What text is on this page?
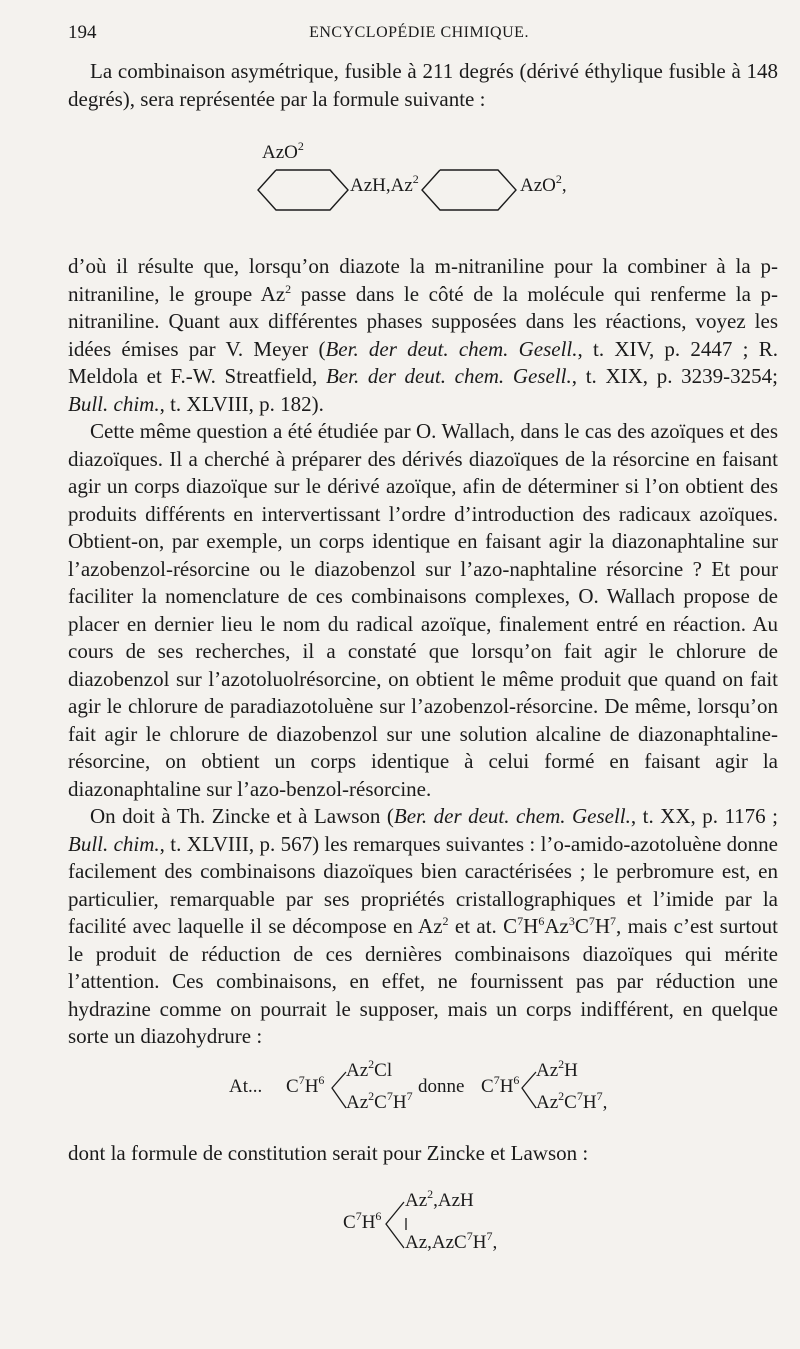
194	ENCYCLOPÉDIE CHIMIQUE.

La combinaison asymétrique, fusible à 211 degrés (dérivé éthylique fusible à 148 degrés), sera représentée par la formule suivante :

AzO$^2$
AzH,Az$^2$	AzO$^2$,

d’où il résulte que, lorsqu’on diazote la m-nitraniline pour la combiner à la p-nitraniline, le groupe Az$^2$ passe dans le côté de la molécule qui renferme la p-nitraniline. Quant aux différentes phases supposées dans les réactions, voyez les idées émises par V. Meyer (Ber. der deut. chem. Gesell., t. XIV, p. 2447 ; R. Meldola et F.-W. Streatfield, Ber. der deut. chem. Gesell., t. XIX, p. 3239-3254; Bull. chim., t. XLVIII, p. 182).

Cette même question a été étudiée par O. Wallach, dans le cas des azoïques et des diazoïques. Il a cherché à préparer des dérivés diazoïques de la résorcine en faisant agir un corps diazoïque sur le dérivé azoïque, afin de déterminer si l’on obtient des produits différents en intervertissant l’ordre d’introduction des radicaux azoïques. Obtient-on, par exemple, un corps identique en faisant agir la diazonaphtaline sur l’azobenzol-résorcine ou le diazobenzol sur l’azo-naphtaline résorcine ? Et pour faciliter la nomenclature de ces combinaisons complexes, O. Wallach propose de placer en dernier lieu le nom du radical azoïque, finalement entré en réaction. Au cours de ses recherches, il a constaté que lorsqu’on fait agir le chlorure de diazobenzol sur l’azotoluolrésorcine, on obtient le même produit que quand on fait agir le chlorure de paradiazotoluène sur l’azobenzol-résorcine. De même, lorsqu’on fait agir le chlorure de diazobenzol sur une solution alcaline de diazonaphtaline-résorcine, on obtient un corps identique à celui formé en faisant agir la diazonaphtaline sur l’azo-benzol-résorcine.

On doit à Th. Zincke et à Lawson (Ber. der deut. chem. Gesell., t. XX, p. 1176 ; Bull. chim., t. XLVIII, p. 567) les remarques suivantes : l’o-amido-azotoluène donne facilement des combinaisons diazoïques bien caractérisées ; le perbromure est, en particulier, remarquable par ses propriétés cristallographiques et l’imide par la facilité avec laquelle il se décompose en Az$^2$ et at. $C^7H^6Az^3C^7H^7$, mais c’est surtout le produit de réduction de ces dernières combinaisons diazoïques qui mérite l’attention. Ces combinaisons, en effet, ne fournissent pas par réduction une hydrazine comme on pourrait le supposer, mais un corps indifférent, en quelque sorte un diazohydrure :

At... $C^7H^6$ Az$^2$Cl
$Az^2C^7H^7$ donne $C^7H^6$ Az$^2$H
$Az^2C^7H^7$,

dont la formule de constitution serait pour Zincke et Lawson :

$C^7H^6$
Az$^2$,AzH
$Az,AzC^7H^7$,
